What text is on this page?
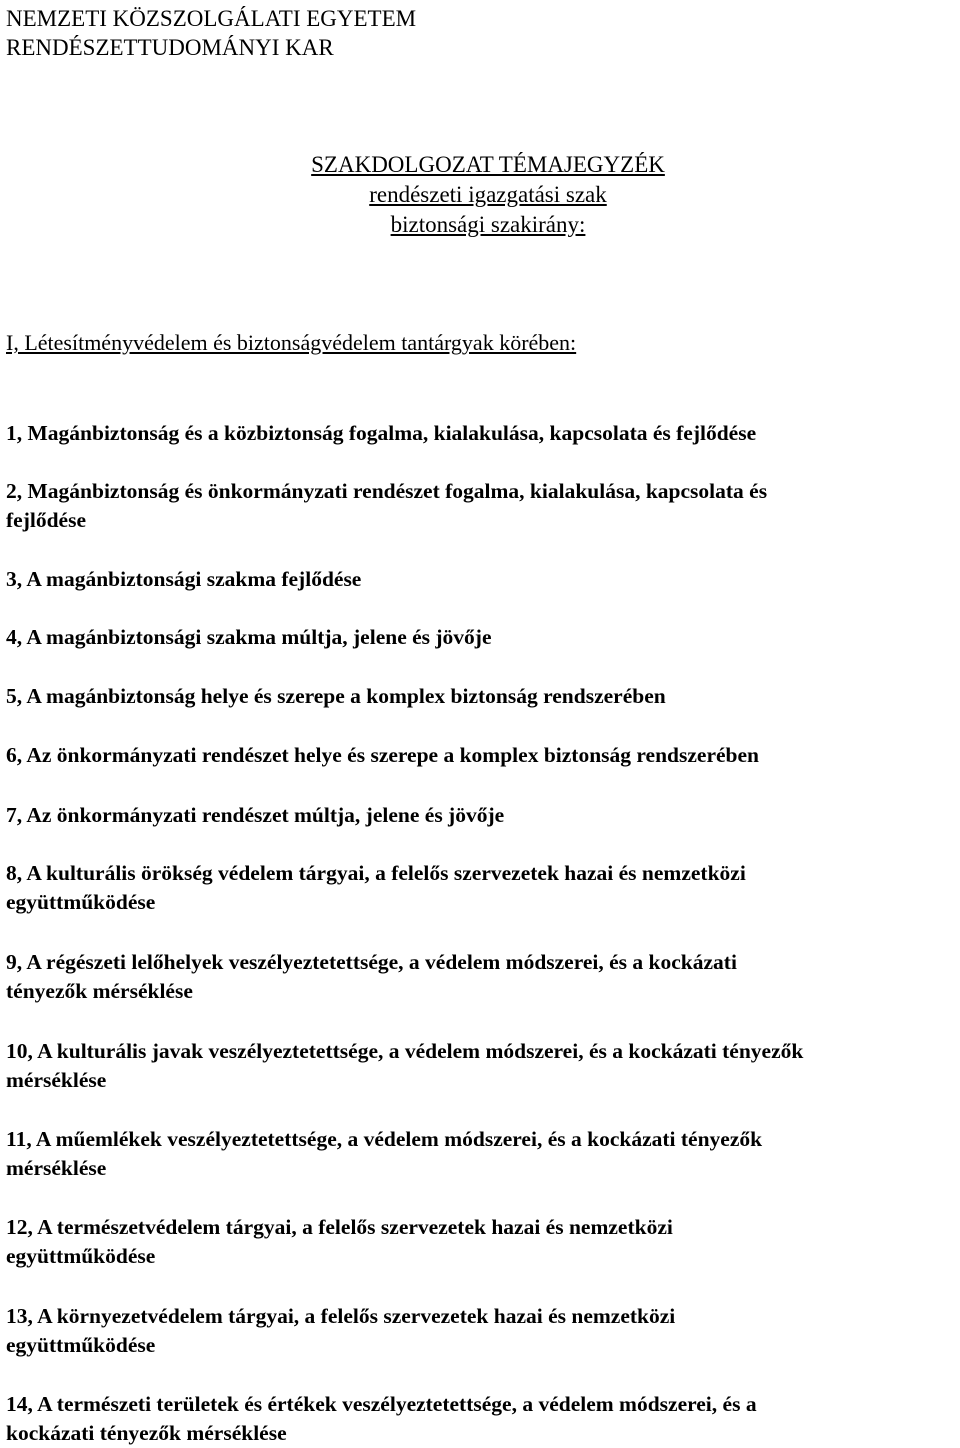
NEMZETI KÖZSZOLGÁLATI EGYETEM
RENDÉSZETTUDOMÁNYI KAR
SZAKDOLGOZAT TÉMAJEGYZÉK
rendészeti igazgatási szak
biztonsági szakirány:
I, Létesítményvédelem és biztonságvédelem tantárgyak körében:
1, Magánbiztonság és a közbiztonság fogalma, kialakulása, kapcsolata és fejlődése
2, Magánbiztonság és önkormányzati rendészet fogalma, kialakulása, kapcsolata és
fejlődése
3, A magánbiztonsági szakma fejlődése
4, A magánbiztonsági szakma múltja, jelene és jövője
5, A magánbiztonság helye és szerepe a komplex biztonság rendszerében
6, Az önkormányzati rendészet helye és szerepe a komplex biztonság rendszerében
7, Az önkormányzati rendészet múltja, jelene és jövője
8, A kulturális örökség védelem tárgyai, a felelős szervezetek hazai és nemzetközi
együttműködése
9, A régészeti lelőhelyek veszélyeztetettsége, a védelem módszerei, és a kockázati
tényezők mérséklése
10, A kulturális javak veszélyeztetettsége, a védelem módszerei, és a kockázati tényezők
mérséklése
11, A műemlékek veszélyeztetettsége, a védelem módszerei, és a kockázati tényezők
mérséklése
12, A természetvédelem tárgyai, a felelős szervezetek hazai és nemzetközi
együttműködése
13, A környezetvédelem tárgyai, a felelős szervezetek hazai és nemzetközi
együttműködése
14, A természeti területek és értékek veszélyeztetettsége, a védelem módszerei, és a
kockázati tényezők mérséklése
